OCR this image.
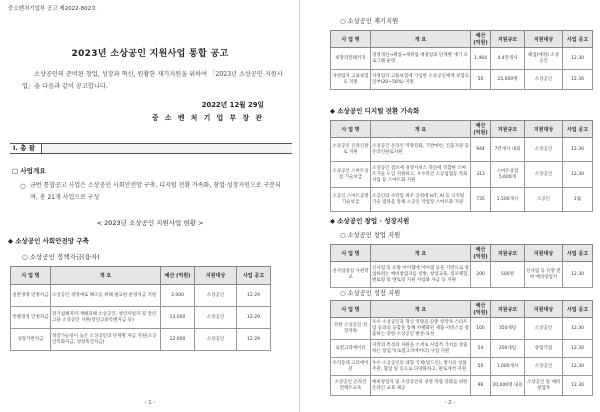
중소벤처기업부 공고 제2022-802호
2023년 소상공인 지원사업 통합 공고
소상공인의 준비된 창업, 성장과 혁신, 원활한 재기지원을 위하여 「2023년 소상공인 지원사업」을 다음과 같이 공고합니다.
2022년 12월 29일
중 소 벤 처 기 업 부 장 관
Ⅰ. 총 괄
□ 사업개요
○ 금번 통합공고 사업은 소상공인 사회안전망 구축, 디지털 전환 가속화, 창업·성장지원으로 구분되며, 총 21개 사업으로 구성
< 2023년 소상공인 지원사업 현황 >
◆ 소상공인 사회안전망 구축
○ 소상공인 정책자금(융자)
사 업 명	개 요	예산 (억원)	지원대상	사업 공고
일반경영 안정자금	소상공인 경영애로 해소를 위해 필요한 운영자금 지원	3,000	소상공인	12.29
특별경영 안정자금	장기침체지역·재해피해 소상공인, 청년사업자 및 장년고용 소상공인 지원(장년고용특별자금 등)	13,000	소상공인	12.29
성장기반자금	성장가능성이 높은 소상공인의 단계별 자금 지원(소공인특화자금, 성장촉진자금)	12,000	소상공인	12.29
- 1 -
○ 소상공인 재기지원
사 업 명	개 요	예산 (억원)	지원규모	지원대상	사업 공고
희망리턴패키지	경영개선→폐업→재취업·재창업의 단계별 재기 프로그램 운영	1,464	4.4만개사	폐업(예정) 소상공인	12.30
자영업자 고용보험료 지원	자영업자 고용보험에 가입한 소상공인에게 보험료 일부(20~50%) 지원	50	25,000명	소상공인	12.30
◆ 소상공인 디지털 전환 가속화
사 업 명	개 요	예산 (억원)	지원규모	지원대상	사업 공고
소상공인 온라인판로 지원	소상공인 온라인 역량강화, 기반마련, 진출지원 등 온라인판로지원	944	7만개사 내외	소상공인	12.30
소상공인 스마트상점 기술보급	소상공인 점포에 경영서비스 혁신에 적합한 스마트기술 도입 지원하고, 우수라인 소공업협동 특화사업 등 스마트화 지원	313	스마트상점 5,600개	소상공인	12.30
소공인 스마트공방 기술보급	소공인의 수작업 위주 공정에 IoT, AI 등 디지털 기술 접목을 통해 소공인 작업장 스마트화 지원	735	1,500개사	소공인	1월
◆ 소상공인 창업 · 성장지원
○ 소상공인 창업 지원
사 업 명	개 요	예산 (억원)	지원규모	지원대상	사업 공고
신사업창업 사관학교	신사업 등 유망 아이템에 아이템 등을 기반으로 창업하려는 예비창업자를 선발, 창업교육, 점포체험, 멘토링 및 멘토링 지원 사업화 자금 등 지원	200	500명	신사업 등 유망 분야 예비창업자	12.30
○ 소상공인 성장 지원
사 업 명	개 요	예산 (억원)	지원규모	지원대상	사업 공고
강한 소상공인 성장지원	우수 소상공인과 혁신 역량을 갖춘 창작자 스타트업 등과의 융합을 통해 차별화된 제품·서비스를 창출하는 강한 소상공인 발굴·육성	100	350개팀	소상공인	12.30
로컬크리에이터	지역의 특성과 자원을 소재로 사업적 가치를 창출하는 창업가(로컬크리에이터) 사업 지원	54	200개팀	창업기업	12.30
우리동네 크리에이터	우수 소상공인의 대형 국제(빌드인), 방식을 상품 주관, 협업 및 등으로 다양화하고, 판로개척 지원	50	1,000개사	소상공인	12.30
소상공인 온라인 컨택트교육	예비창업자 및 소상공인의 경영 역량 강화를 위한 온라인 교육 제공	96	20,000명 내외	소상공인 및 예비창업자	12.30
- 2 -
